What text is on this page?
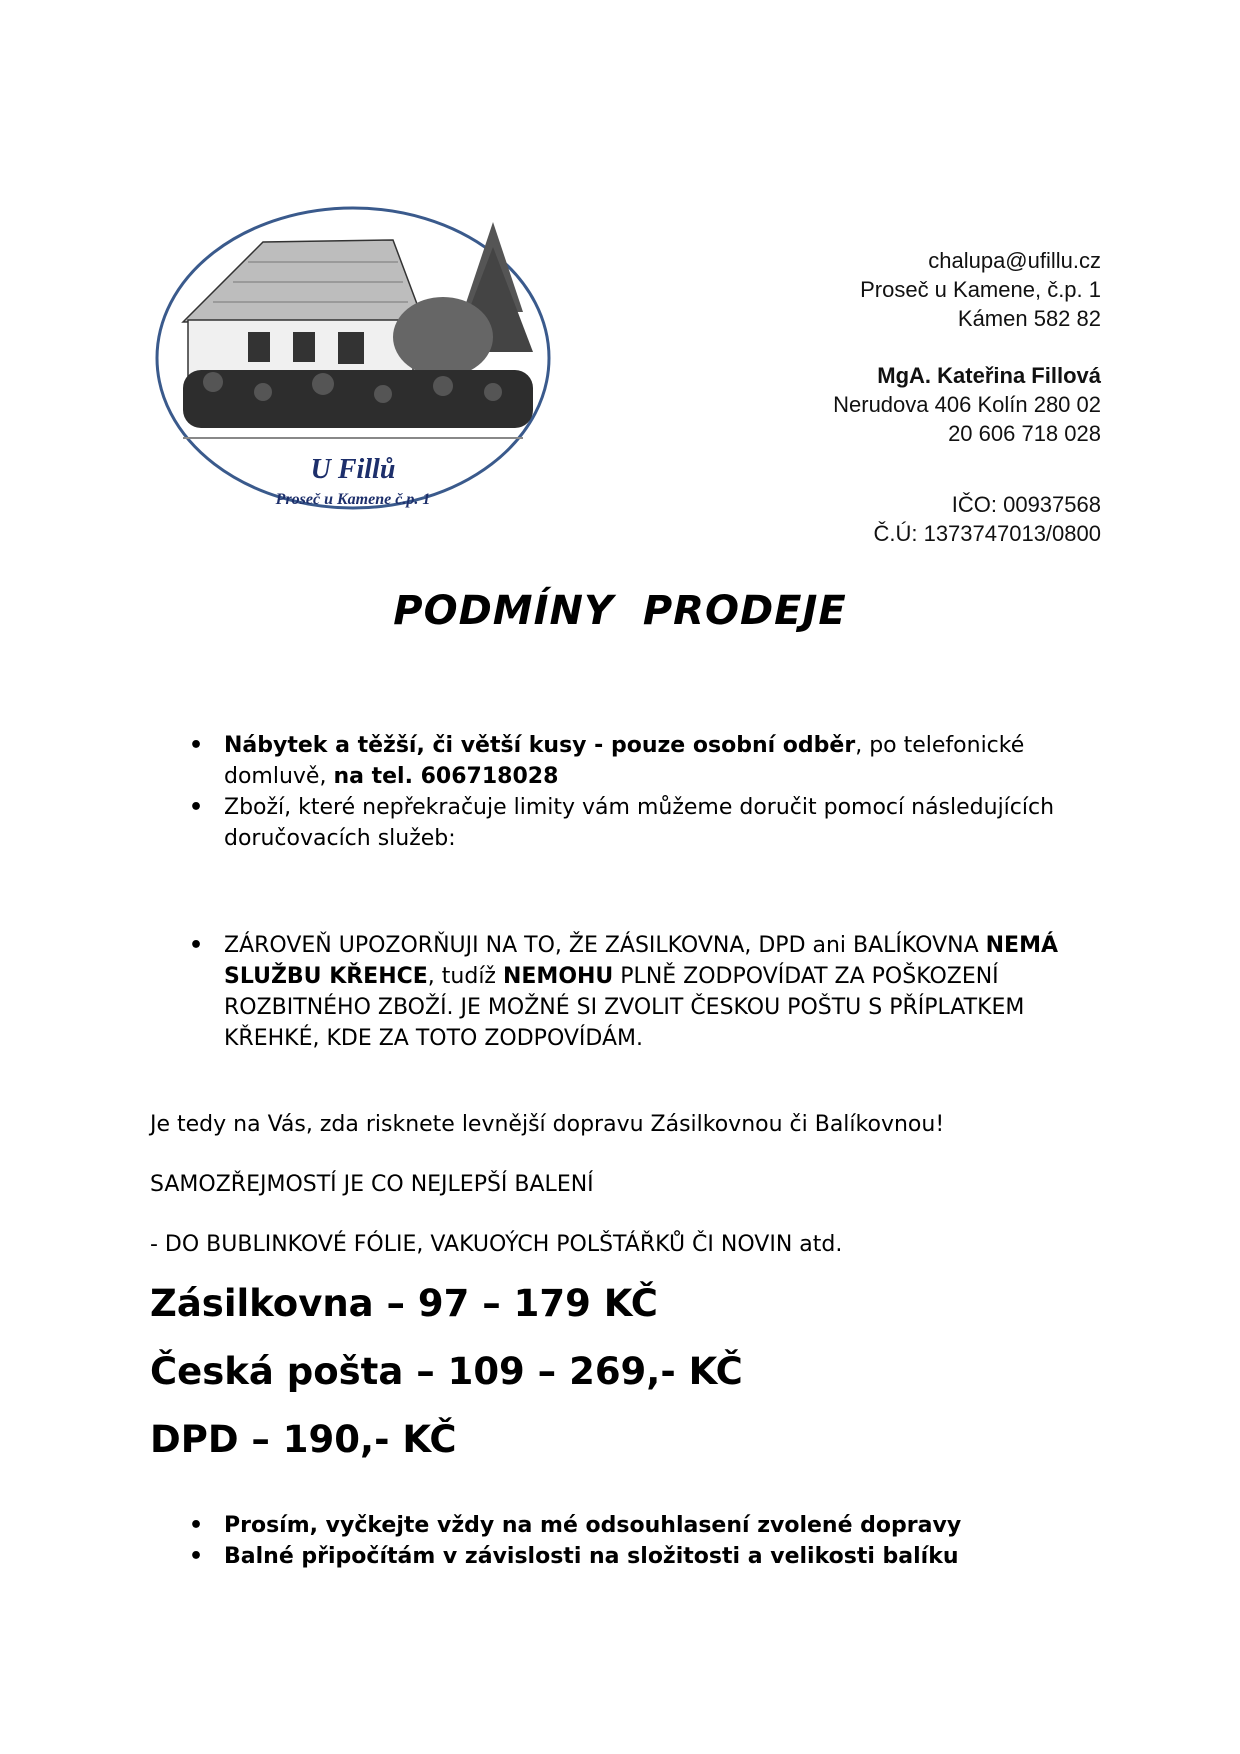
U Fillů
Proseč u Kamene č.p. 1
chalupa@ufillu.cz
Proseč u Kamene, č.p. 1
Kámen 582 82
MgA. Kateřina Fillová
Nerudova 406 Kolín 280 02
20 606 718 028
IČO: 00937568
Č.Ú: 1373747013/0800
PODMÍNY PRODEJE
• Nábytek a těžší, či větší kusy - pouze osobní odběr, po telefonické domluvě, na tel. 606718028
• Zboží, které nepřekračuje limity vám můžeme doručit pomocí následujících doručovacích služeb:
• ZÁROVEŇ UPOZORŇUJI NA TO, ŽE ZÁSILKOVNA, DPD ani BALÍKOVNA NEMÁ SLUŽBU KŘEHCE, tudíž NEMOHU PLNĚ ZODPOVÍDAT ZA POŠKOZENÍ ROZBITNÉHO ZBOŽÍ. JE MOŽNÉ SI ZVOLIT ČESKOU POŠTU S PŘÍPLATKEM KŘEHKÉ, KDE ZA TOTO ZODPOVÍDÁM.
Je tedy na Vás, zda risknete levnější dopravu Zásilkovnou či Balíkovnou!
SAMOZŘEJMOSTÍ JE CO NEJLEPŠÍ BALENÍ
- DO BUBLINKOVÉ FÓLIE, VAKUOÝCH POLŠTÁŘKŮ ČI NOVIN atd.
Zásilkovna – 97 – 179 KČ
Česká pošta – 109 – 269,- KČ
DPD – 190,- KČ
• Prosím, vyčkejte vždy na mé odsouhlasení zvolené dopravy
• Balné připočítám v závislosti na složitosti a velikosti balíku
